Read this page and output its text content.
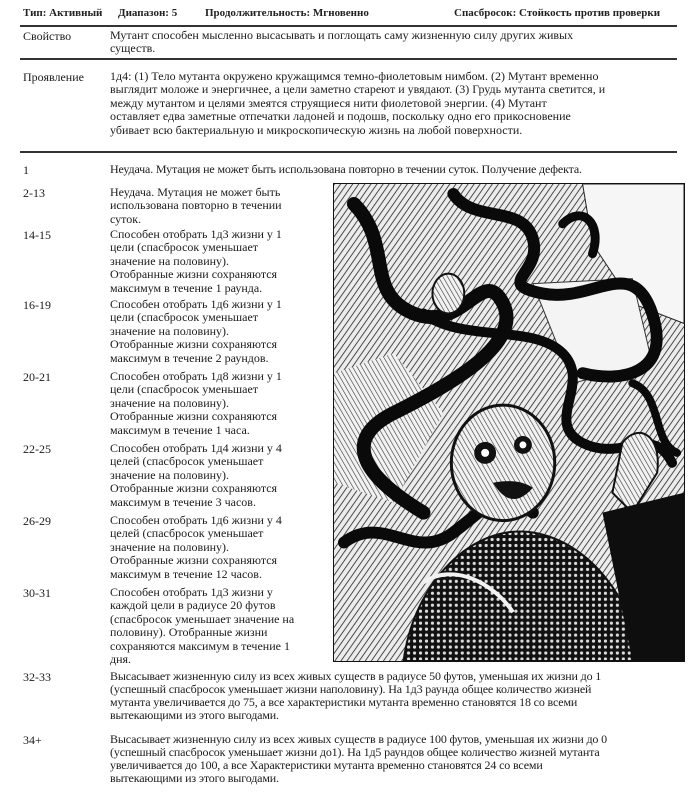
Тип: Активный Диапазон: 5	Продолжительность: Мгновенно	Спасбросок: Стойкость против проверки
Свойство	Мутант способен мысленно высасывать и поглощать саму жизненную силу других живых
существ.
Проявление 1д4: (1) Тело мутанта окружено кружащимся темно-фиолетовым нимбом. (2) Мутант временно
выглядит моложе и энергичнее, а цели заметно стареют и увядают. (3) Грудь мутанта светится, и
между мутантом и целями змеятся струящиеся нити фиолетовой энергии. (4) Мутант
оставляет едва заметные отпечатки ладоней и подошв, поскольку одно его прикосновение
убивает всю бактериальную и микроскопическую жизнь на любой поверхности.
1	Неудача. Мутация не может быть использована повторно в течении суток. Получение дефекта.
2-13	Неудача. Мутация не может быть
использована повторно в течении
суток.
14-15	Способен отобрать 1д3 жизни у 1
цели (спасбросок уменьшает
значение на половину).
Отобранные жизни сохраняются
максимум в течение 1 раунда.
16-19	Способен отобрать 1д6 жизни у 1
цели (спасбросок уменьшает
значение на половину).
Отобранные жизни сохраняются
максимум в течение 2 раундов.
20-21	Способен отобрать 1д8 жизни у 1
цели (спасбросок уменьшает
значение на половину).
Отобранные жизни сохраняются
максимум в течение 1 часа.
22-25	Способен отобрать 1д4 жизни у 4
целей (спасбросок уменьшает
значение на половину).
Отобранные жизни сохраняются
максимум в течение 3 часов.
26-29	Способен отобрать 1д6 жизни у 4
целей (спасбросок уменьшает
значение на половину).
Отобранные жизни сохраняются
максимум в течение 12 часов.
30-31	Способен отобрать 1д3 жизни у
каждой цели в радиусе 20 футов
(спасбросок уменьшает значение на
половину). Отобранные жизни
сохраняются максимум в течение 1
дня.
32-33	Высасывает жизненную силу из всех живых существ в радиусе 50 футов, уменьшая их жизни до 1
(успешный спасбросок уменьшает жизни наполовину). На 1д3 раунда общее количество жизней
мутанта увеличивается до 75, а все характеристики мутанта временно становятся 18 со всеми
вытекающими из этого выгодами.
34+	Высасывает жизненную силу из всех живых существ в радиусе 100 футов, уменьшая их жизни до 0
(успешный спасбросок уменьшает жизни до1). На 1д5 раундов общее количество жизней мутанта
увеличивается до 100, а все Характеристики мутанта временно становятся 24 со всеми
вытекающими из этого выгодами.
